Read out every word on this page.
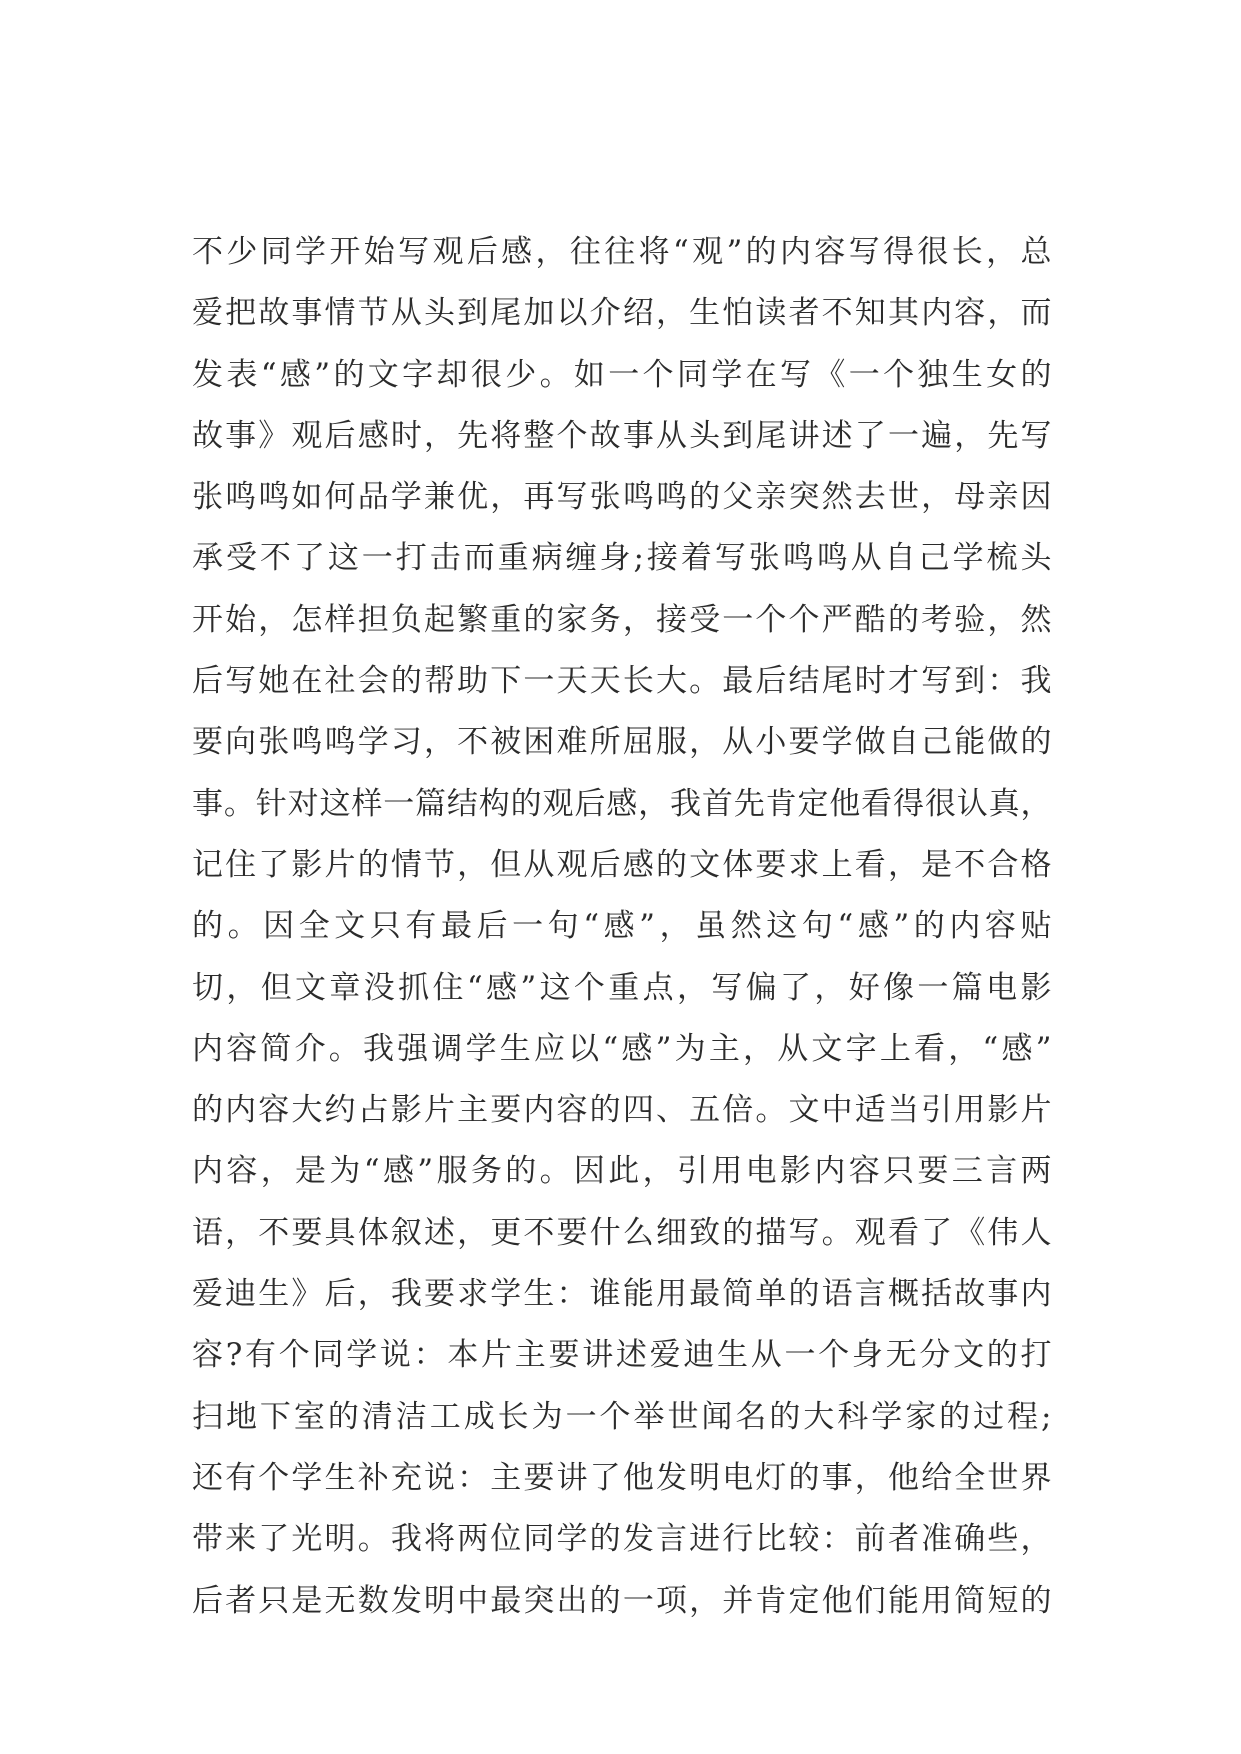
不少同学开始写观后感，往往将“观”的内容写得很长，总
爱把故事情节从头到尾加以介绍，生怕读者不知其内容，而
发表“感”的文字却很少。如一个同学在写《一个独生女的
故事》观后感时，先将整个故事从头到尾讲述了一遍，先写
张鸣鸣如何品学兼优，再写张鸣鸣的父亲突然去世，母亲因
承受不了这一打击而重病缠身;接着写张鸣鸣从自己学梳头
开始，怎样担负起繁重的家务，接受一个个严酷的考验，然
后写她在社会的帮助下一天天长大。最后结尾时才写到：我
要向张鸣鸣学习，不被困难所屈服，从小要学做自己能做的
事。针对这样一篇结构的观后感，我首先肯定他看得很认真，
记住了影片的情节，但从观后感的文体要求上看，是不合格
的。因全文只有最后一句“感”，虽然这句“感”的内容贴
切，但文章没抓住“感”这个重点，写偏了，好像一篇电影
内容简介。我强调学生应以“感”为主，从文字上看，“感”
的内容大约占影片主要内容的四、五倍。文中适当引用影片
内容，是为“感”服务的。因此，引用电影内容只要三言两
语，不要具体叙述，更不要什么细致的描写。观看了《伟人
爱迪生》后，我要求学生：谁能用最简单的语言概括故事内
容?有个同学说：本片主要讲述爱迪生从一个身无分文的打
扫地下室的清洁工成长为一个举世闻名的大科学家的过程;
还有个学生补充说：主要讲了他发明电灯的事，他给全世界
带来了光明。我将两位同学的发言进行比较：前者准确些，
后者只是无数发明中最突出的一项，并肯定他们能用简短的
